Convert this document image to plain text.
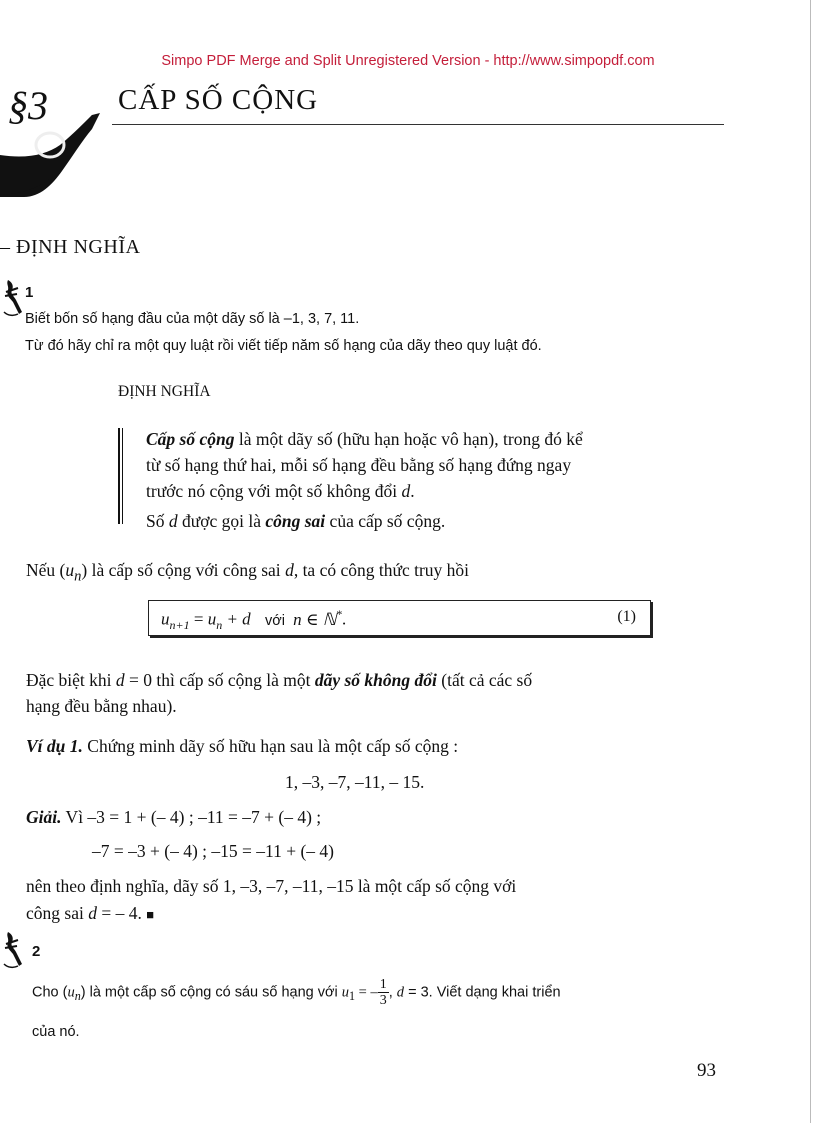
Simpo PDF Merge and Split Unregistered Version - http://www.simpopdf.com
§3 CẤP SỐ CỘNG
– ĐỊNH NGHĨA
1
Biết bốn số hạng đầu của một dãy số là –1, 3, 7, 11.
Từ đó hãy chỉ ra một quy luật rồi viết tiếp năm số hạng của dãy theo quy luật đó.
ĐỊNH NGHĨA
Cấp số cộng là một dãy số (hữu hạn hoặc vô hạn), trong đó kể
từ số hạng thứ hai, mỗi số hạng đều bằng số hạng đứng ngay
trước nó cộng với một số không đổi d.
Số d được gọi là công sai của cấp số cộng.
Nếu $(u_n)$ là cấp số cộng với công sai d, ta có công thức truy hồi
$u_{n+1} = u_n + d$ với n ∈ ℕ*.	(1)
Đặc biệt khi d = 0 thì cấp số cộng là một dãy số không đổi (tất cả các số
hạng đều bằng nhau).
Ví dụ 1. Chứng minh dãy số hữu hạn sau là một cấp số cộng :
1, –3, –7, –11, – 15.
Giải. Vì –3 = 1 + (– 4) ; –11 = –7 + (– 4) ;
–7 = –3 + (– 4) ; –15 = –11 + (– 4)
nên theo định nghĩa, dãy số 1, –3, –7, –11, –15 là một cấp số cộng với
công sai d = – 4. ■
2
Cho $(u_n)$ là một cấp số cộng có sáu số hạng với $u_1$ = – $\frac{1}{3}$ , d = 3. Viết dạng khai triển
của nó.
93
